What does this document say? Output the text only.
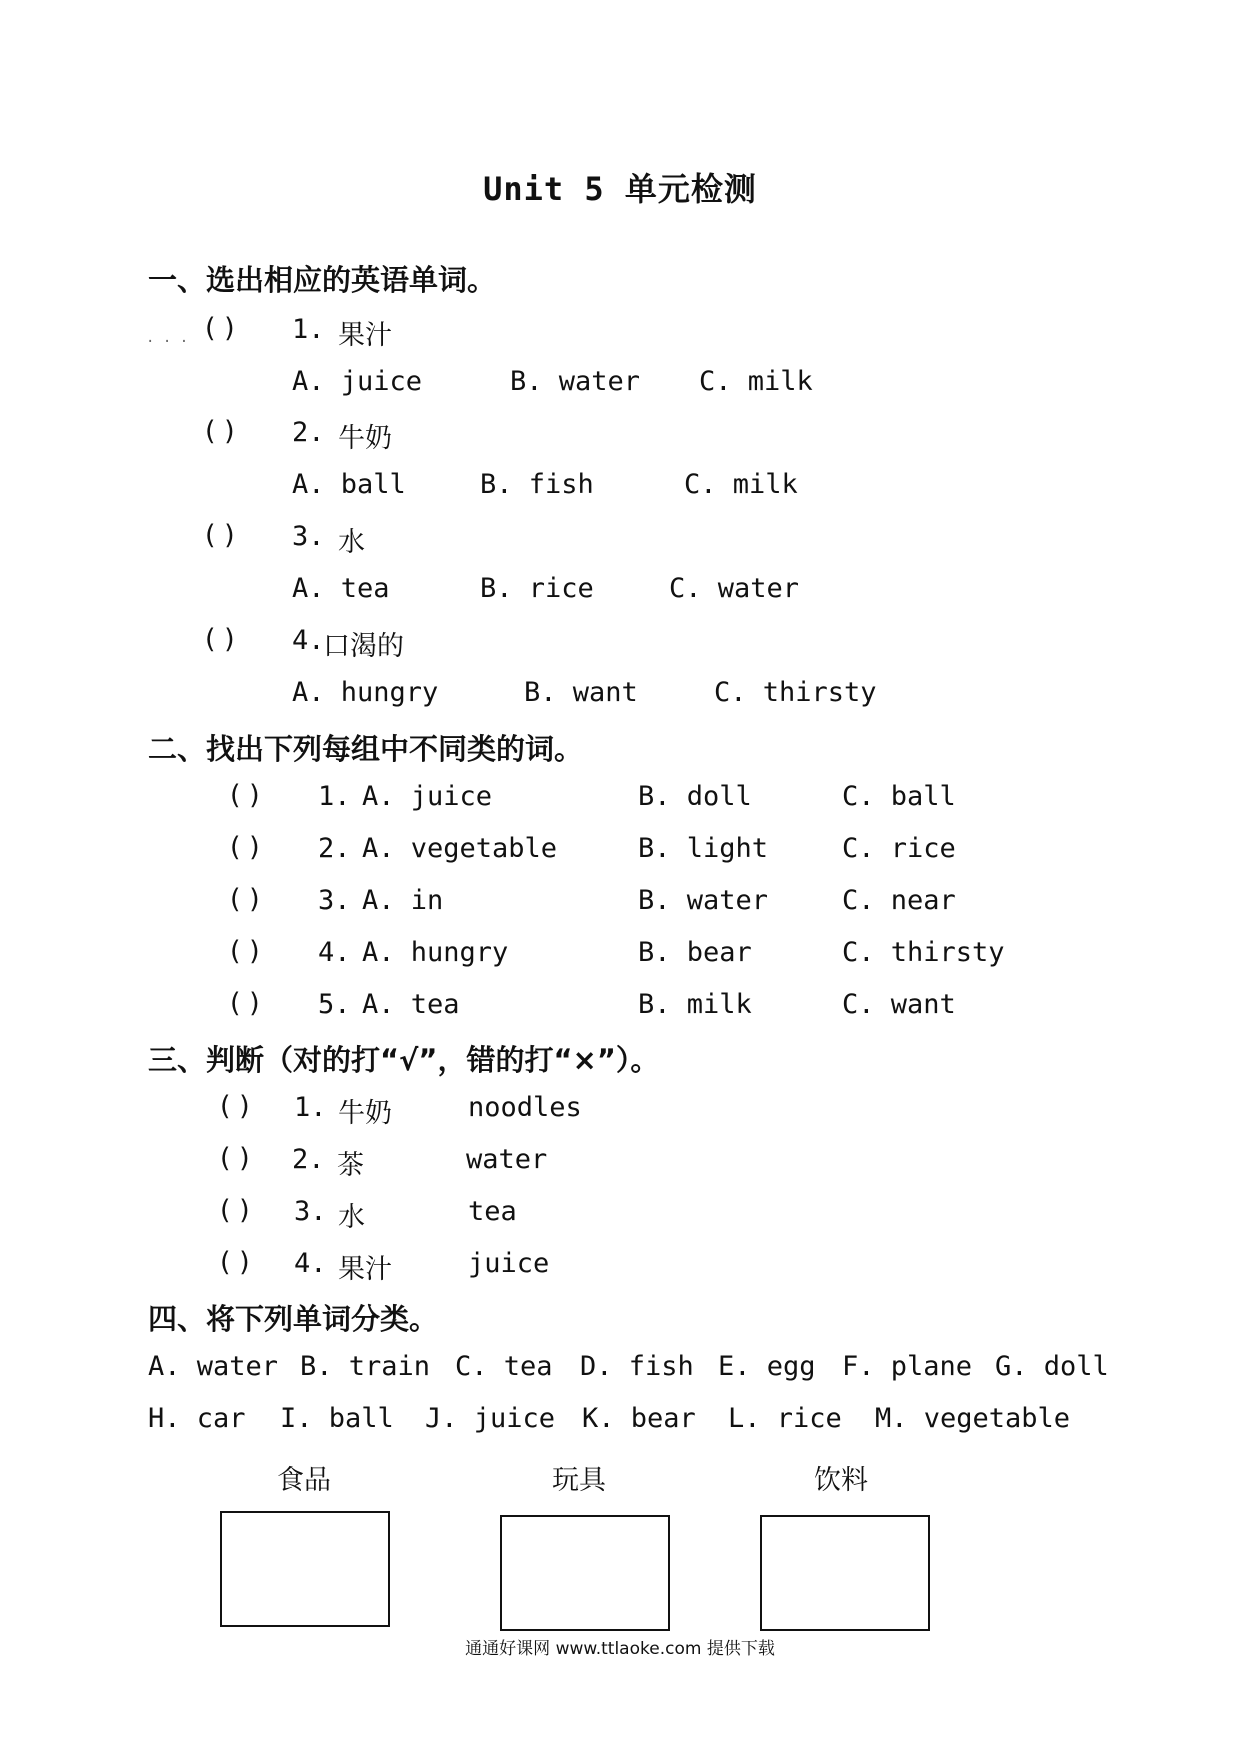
Unit 5 单元检测
一、选出相应的英语单词。
. . . ( ) 1. 果汁
A. juice	B. water C. milk
( ) 2. 牛奶
A. ball	B. fish	C. milk
( ) 3. 水
A. tea	B. rice	C. water
( ) 4.
口渴的
A. hungry	B. want	C. thirsty
二、找出下列每组中不同类的词。
( ) 1. A. juice	B. doll	C. ball
( ) 2. A. vegetable	B. light	C. rice
( ) 3. A. in	B. water	C. near
( ) 4. A. hungry	B. bear	C. thirsty
( ) 5. A. tea	B. milk	C. want
三、判断（对的打“√”，错的打“×”）。
( ) 1. 牛奶	noodles
( ) 2. 茶	water
( ) 3. 水	tea
( ) 4. 果汁	juice
四、将下列单词分类。
A. water B. train C. tea D. fish E. egg F. plane G. doll
H. car I. ball J. juice K. bear L. rice M. vegetable
食品	玩具	饮料
通通好课网 www.ttlaoke.com 提供下载
